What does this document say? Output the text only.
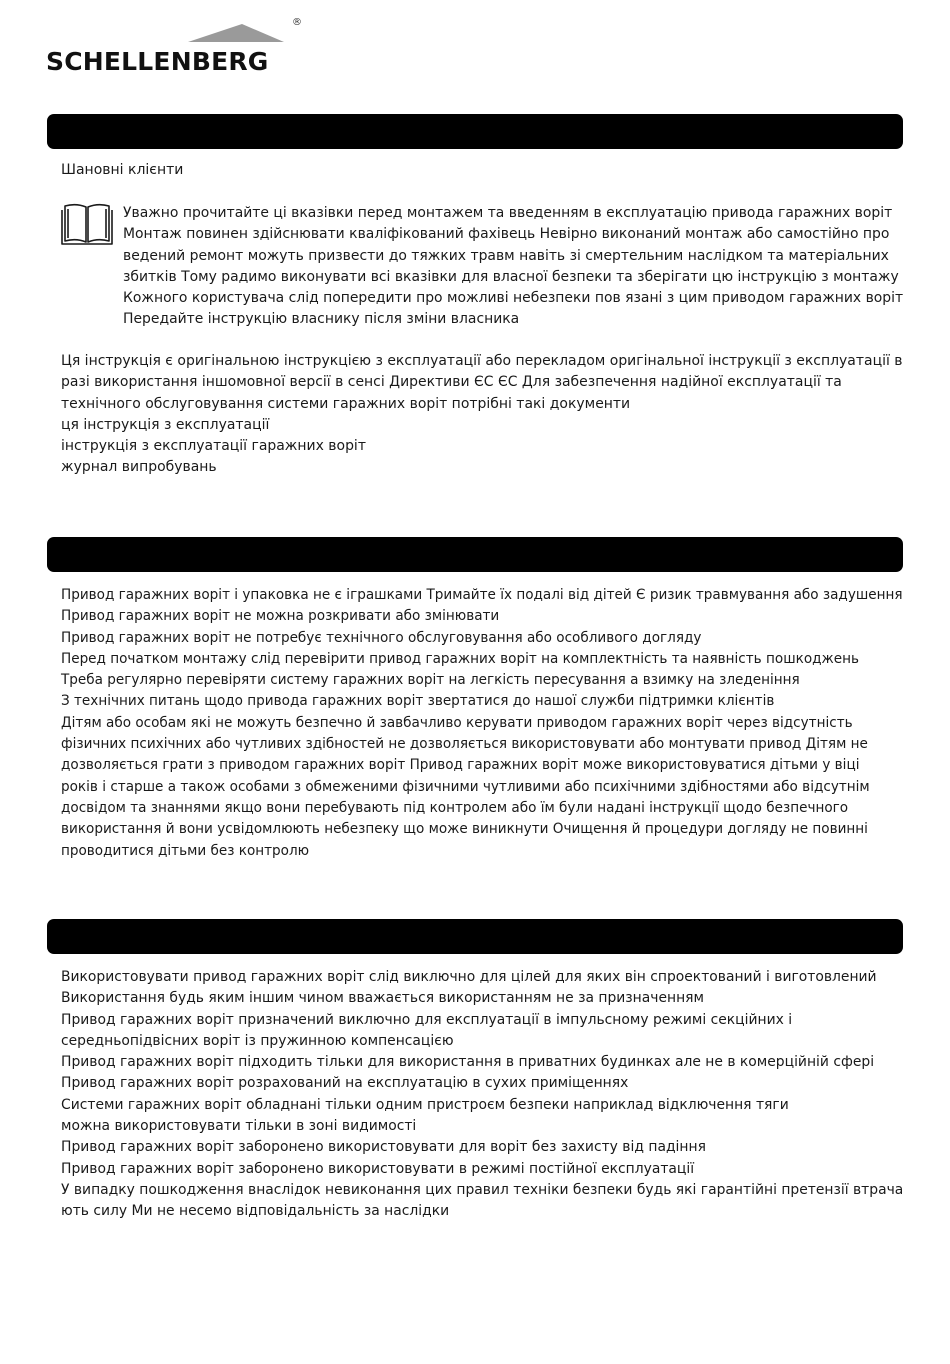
®
SCHELLENBERG
Шановні клієнти
Уважно прочитайте ці вказівки перед монтажем та введенням в експлуатацію привода гаражних воріт
Монтаж повинен здійснювати кваліфікований фахівець Невірно виконаний монтаж або самостійно про
ведений ремонт можуть призвести до тяжких травм навіть зі смертельним наслідком та матеріальних
збитків Тому радимо виконувати всі вказівки для власної безпеки та зберігати цю інструкцію з монтажу
Кожного користувача слід попередити про можливі небезпеки пов язані з цим приводом гаражних воріт
Передайте інструкцію власнику після зміни власника
Ця інструкція є оригінальною інструкцією з експлуатації або перекладом оригінальної інструкції з експлуатації в
разі використання іншомовної версії в сенсі Директиви ЄС ЄС Для забезпечення надійної експлуатації та
технічного обслуговування системи гаражних воріт потрібні такі документи
ця інструкція з експлуатації
інструкція з експлуатації гаражних воріт
журнал випробувань
Привод гаражних воріт і упаковка не є іграшками Тримайте їх подалі від дітей Є ризик травмування або задушення
Привод гаражних воріт не можна розкривати або змінювати
Привод гаражних воріт не потребує технічного обслуговування або особливого догляду
Перед початком монтажу слід перевірити привод гаражних воріт на комплектність та наявність пошкоджень
Треба регулярно перевіряти систему гаражних воріт на легкість пересування а взимку на зледеніння
З технічних питань щодо привода гаражних воріт звертатися до нашої служби підтримки клієнтів
Дітям або особам які не можуть безпечно й завбачливо керувати приводом гаражних воріт через відсутність
фізичних психічних або чутливих здібностей не дозволяється використовувати або монтувати привод Дітям не
дозволяється грати з приводом гаражних воріт Привод гаражних воріт може використовуватися дітьми у віці
років і старше а також особами з обмеженими фізичними чутливими або психічними здібностями або відсутнім
досвідом та знаннями якщо вони перебувають під контролем або їм були надані інструкції щодо безпечного
використання й вони усвідомлюють небезпеку що може виникнути Очищення й процедури догляду не повинні
проводитися дітьми без контролю
Використовувати привод гаражних воріт слід виключно для цілей для яких він спроектований і виготовлений
Використання будь яким іншим чином вважається використанням не за призначенням
Привод гаражних воріт призначений виключно для експлуатації в імпульсному режимі секційних і
середньопідвісних воріт із пружинною компенсацією
Привод гаражних воріт підходить тільки для використання в приватних будинках але не в комерційній сфері
Привод гаражних воріт розрахований на експлуатацію в сухих приміщеннях
Системи гаражних воріт обладнані тільки одним пристроєм безпеки наприклад відключення тяги
можна використовувати тільки в зоні видимості
Привод гаражних воріт заборонено використовувати для воріт без захисту від падіння
Привод гаражних воріт заборонено використовувати в режимі постійної експлуатації
У випадку пошкодження внаслідок невиконання цих правил техніки безпеки будь які гарантійні претензії втрача
ють силу Ми не несемо відповідальність за наслідки
